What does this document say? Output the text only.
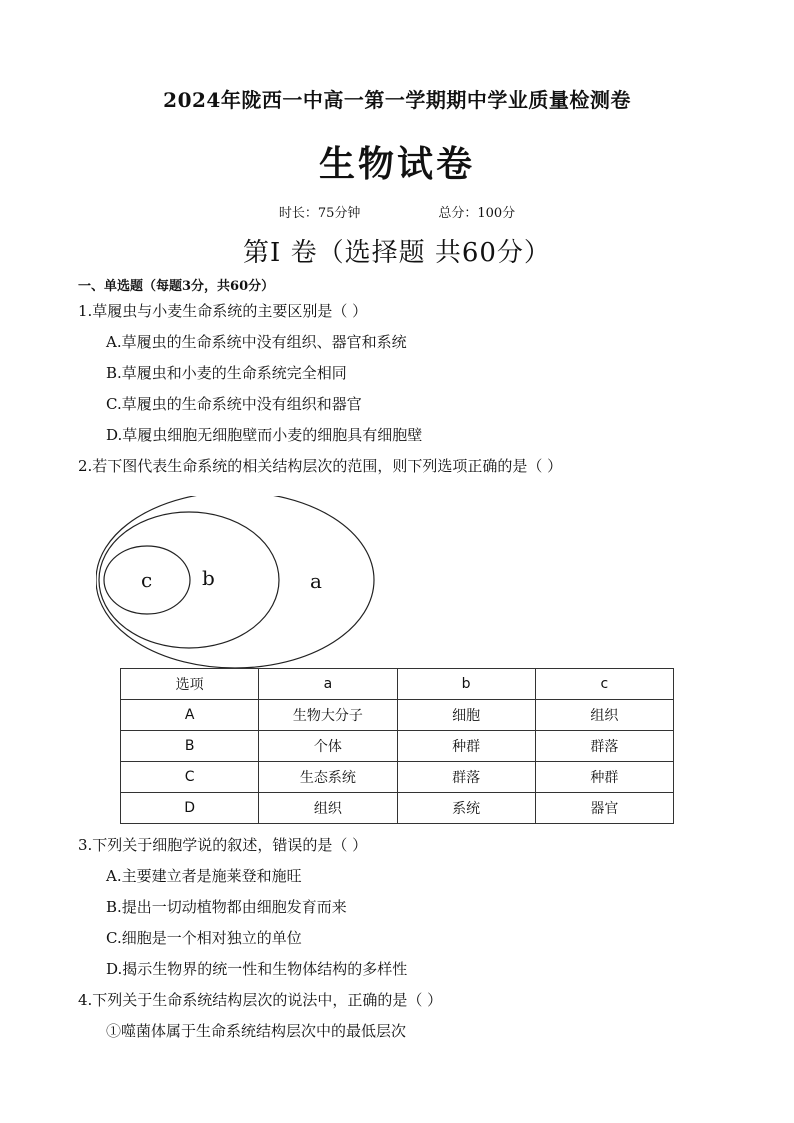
2024年陇西一中高一第一学期期中学业质量检测卷
生物试卷
时长：75分钟	总分：100分
第I 卷（选择题 共60分）
一、单选题（每题3分，共60分）
1.草履虫与小麦生命系统的主要区别是（ ）
A.草履虫的生命系统中没有组织、器官和系统
B.草履虫和小麦的生命系统完全相同
C.草履虫的生命系统中没有组织和器官
D.草履虫细胞无细胞壁而小麦的细胞具有细胞壁
2.若下图代表生命系统的相关结构层次的范围，则下列选项正确的是（ ）
c b	a
选项	a	b	c
A	生物大分子	细胞	组织
B	个体	种群	群落
C	生态系统	群落	种群
D	组织	系统	器官
3.下列关于细胞学说的叙述，错误的是（ ）
A.主要建立者是施莱登和施旺
B.提出一切动植物都由细胞发育而来
C.细胞是一个相对独立的单位
D.揭示生物界的统一性和生物体结构的多样性
4.下列关于生命系统结构层次的说法中，正确的是（ ）
①噬菌体属于生命系统结构层次中的最低层次
